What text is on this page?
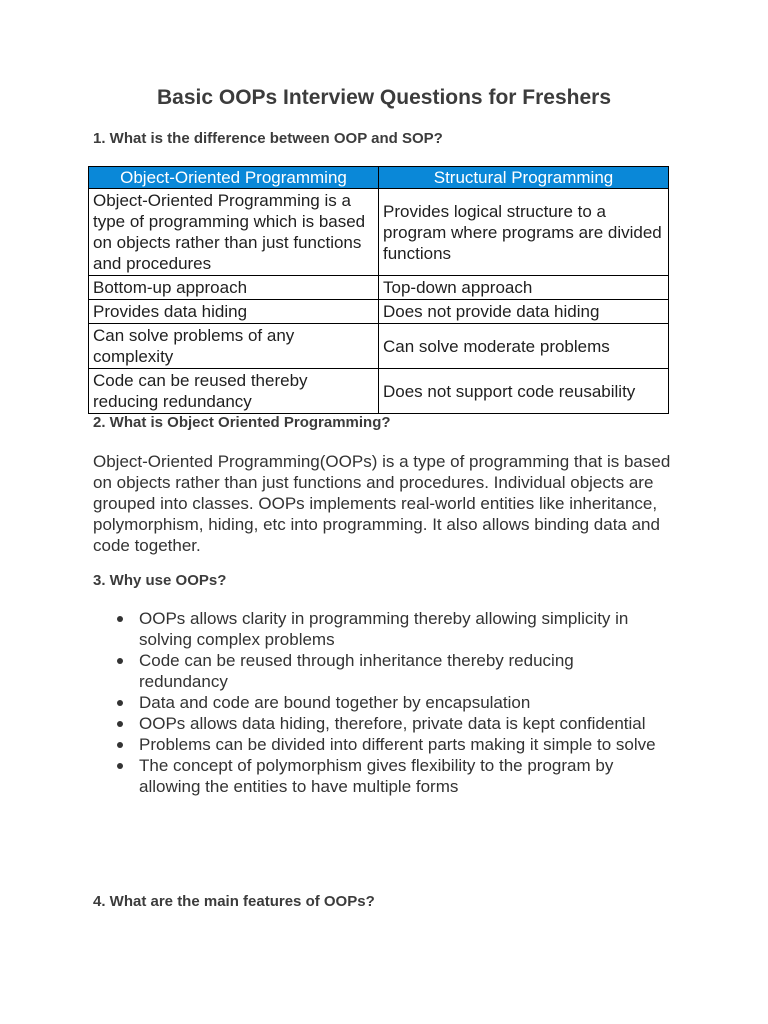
Basic OOPs Interview Questions for Freshers
1. What is the difference between OOP and SOP?
Object-Oriented Programming	Structural Programming
Object-Oriented Programming is a type of programming which is based on objects rather than just functions and procedures	Provides logical structure to a program where programs are divided functions
Bottom-up approach	Top-down approach
Provides data hiding	Does not provide data hiding
Can solve problems of any complexity	Can solve moderate problems
Code can be reused thereby reducing redundancy	Does not support code reusability
2. What is Object Oriented Programming?

Object-Oriented Programming(OOPs) is a type of programming that is based on objects rather than just functions and procedures. Individual objects are grouped into classes. OOPs implements real-world entities like inheritance, polymorphism, hiding, etc into programming. It also allows binding data and code together.

3. Why use OOPs?
OOPs allows clarity in programming thereby allowing simplicity in solving complex problems
Code can be reused through inheritance thereby reducing redundancy
Data and code are bound together by encapsulation
OOPs allows data hiding, therefore, private data is kept confidential
Problems can be divided into different parts making it simple to solve
The concept of polymorphism gives flexibility to the program by allowing the entities to have multiple forms
4. What are the main features of OOPs?
